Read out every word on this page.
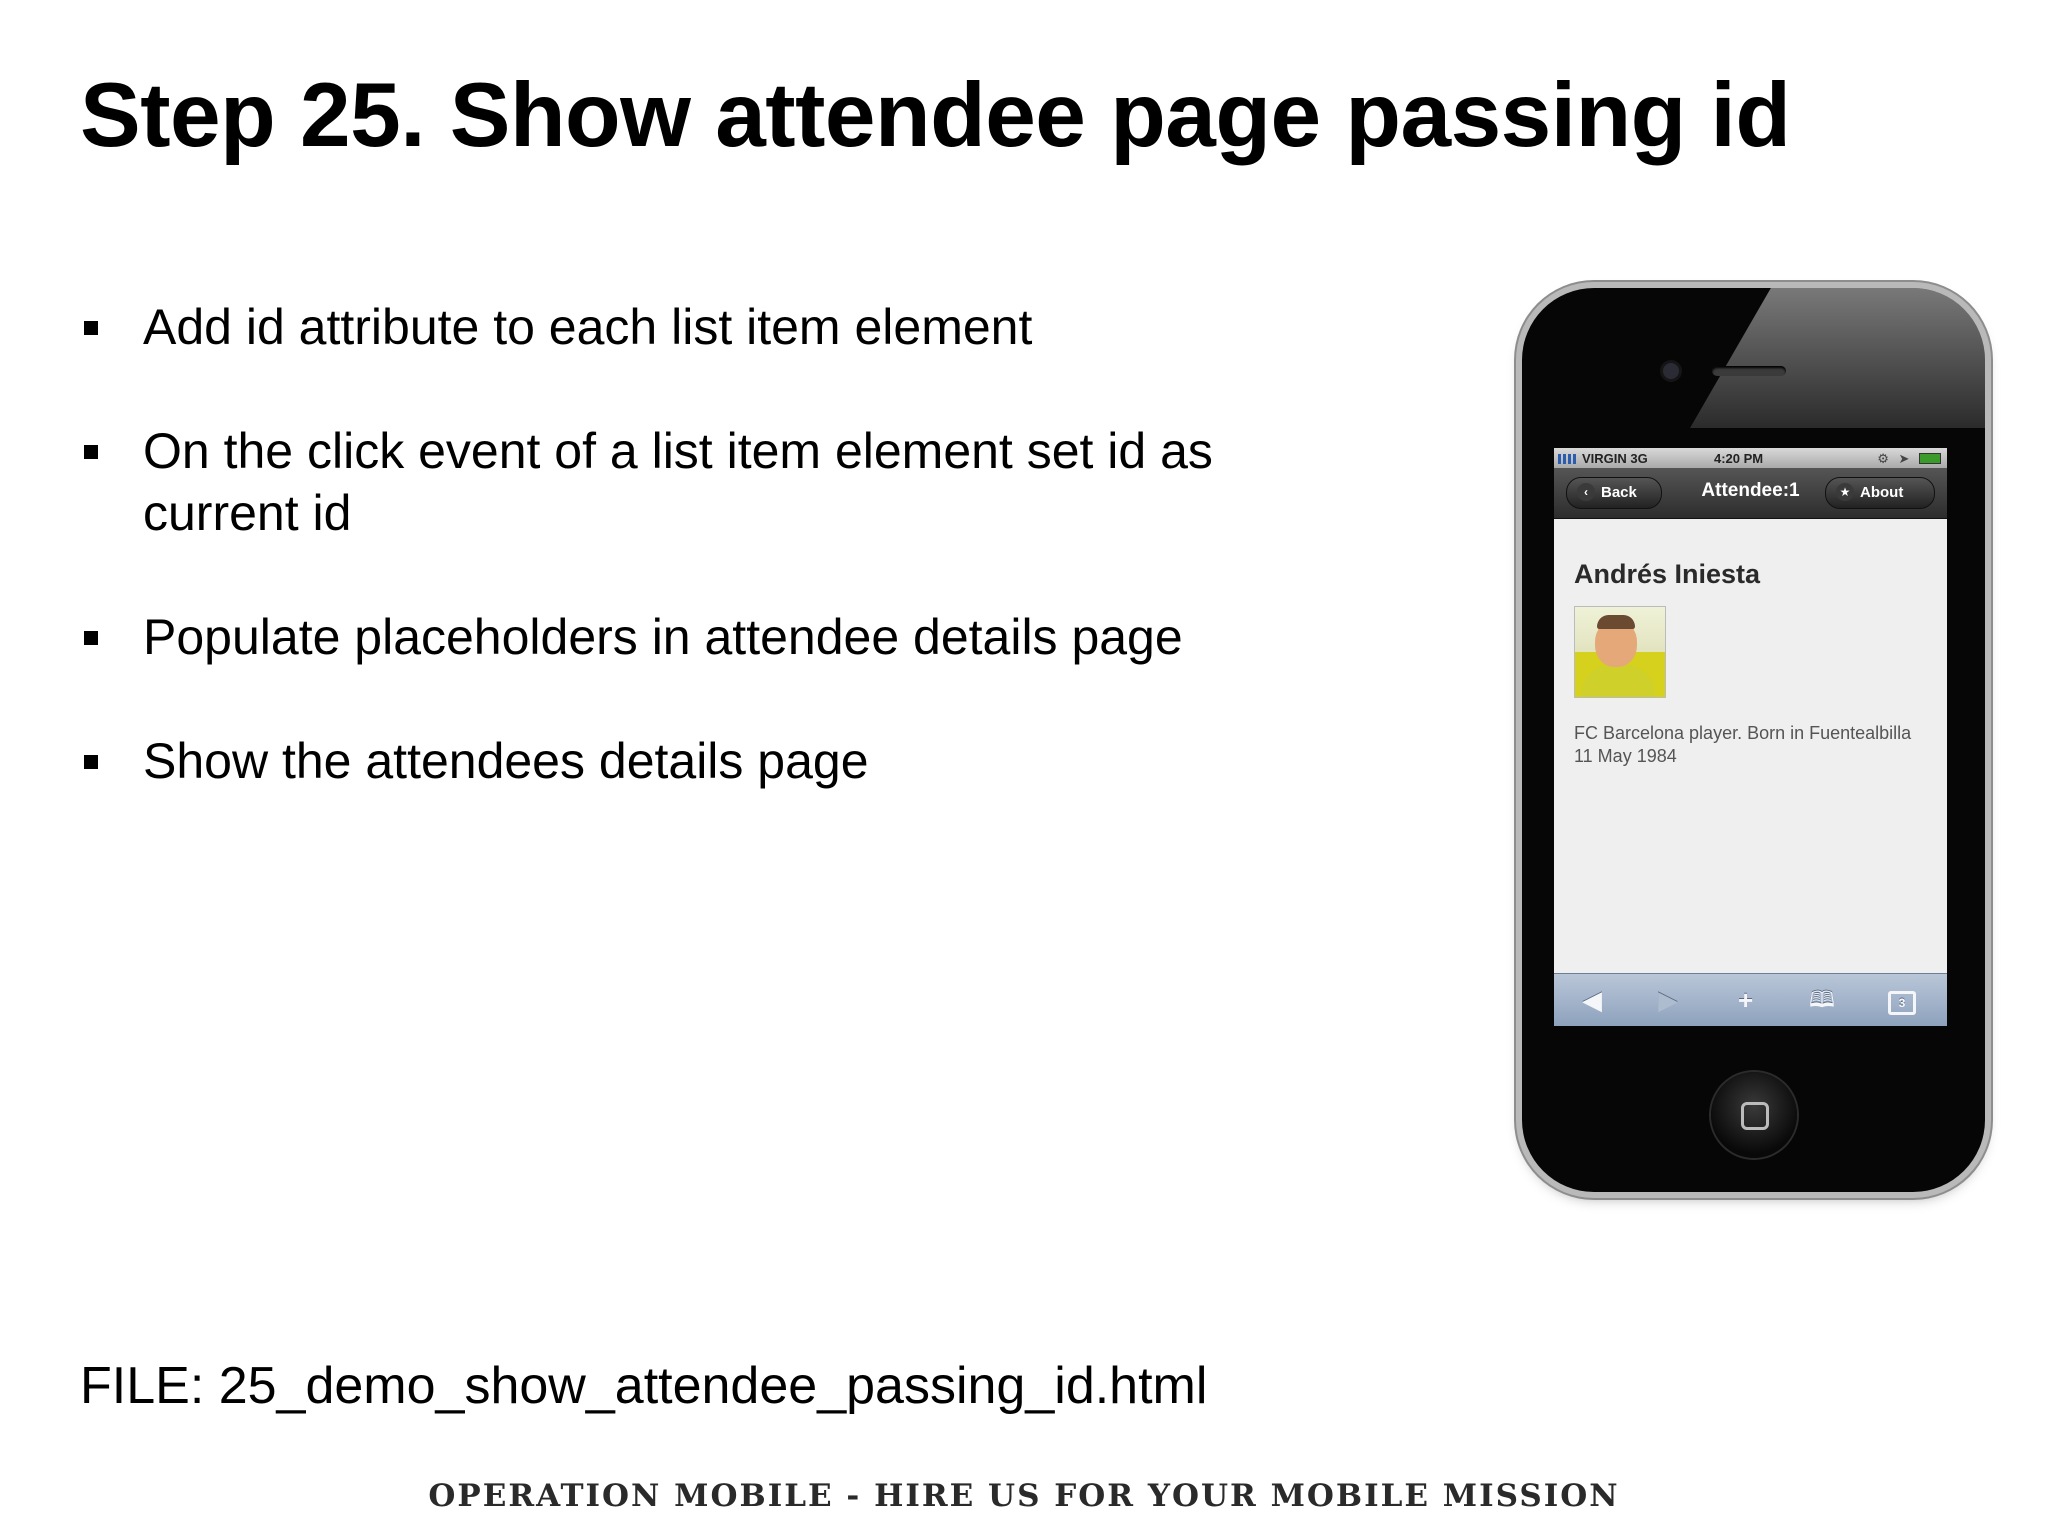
Step 25. Show attendee page passing id
Add id attribute to each list item element
On the click event of a list item element set id as current id
Populate placeholders in attendee details page
Show the attendees details page
FILE: 25_demo_show_attendee_passing_id.html
VIRGIN 3G	4:20 PM	⚙ ➤
Attendee:1
‹ Back	★ About
Andrés Iniesta
FC Barcelona player. Born in Fuentealbilla 11 May 1984
◀ ▶ +	🕮	3
OPERATION MOBILE - HIRE US FOR YOUR MOBILE MISSION
